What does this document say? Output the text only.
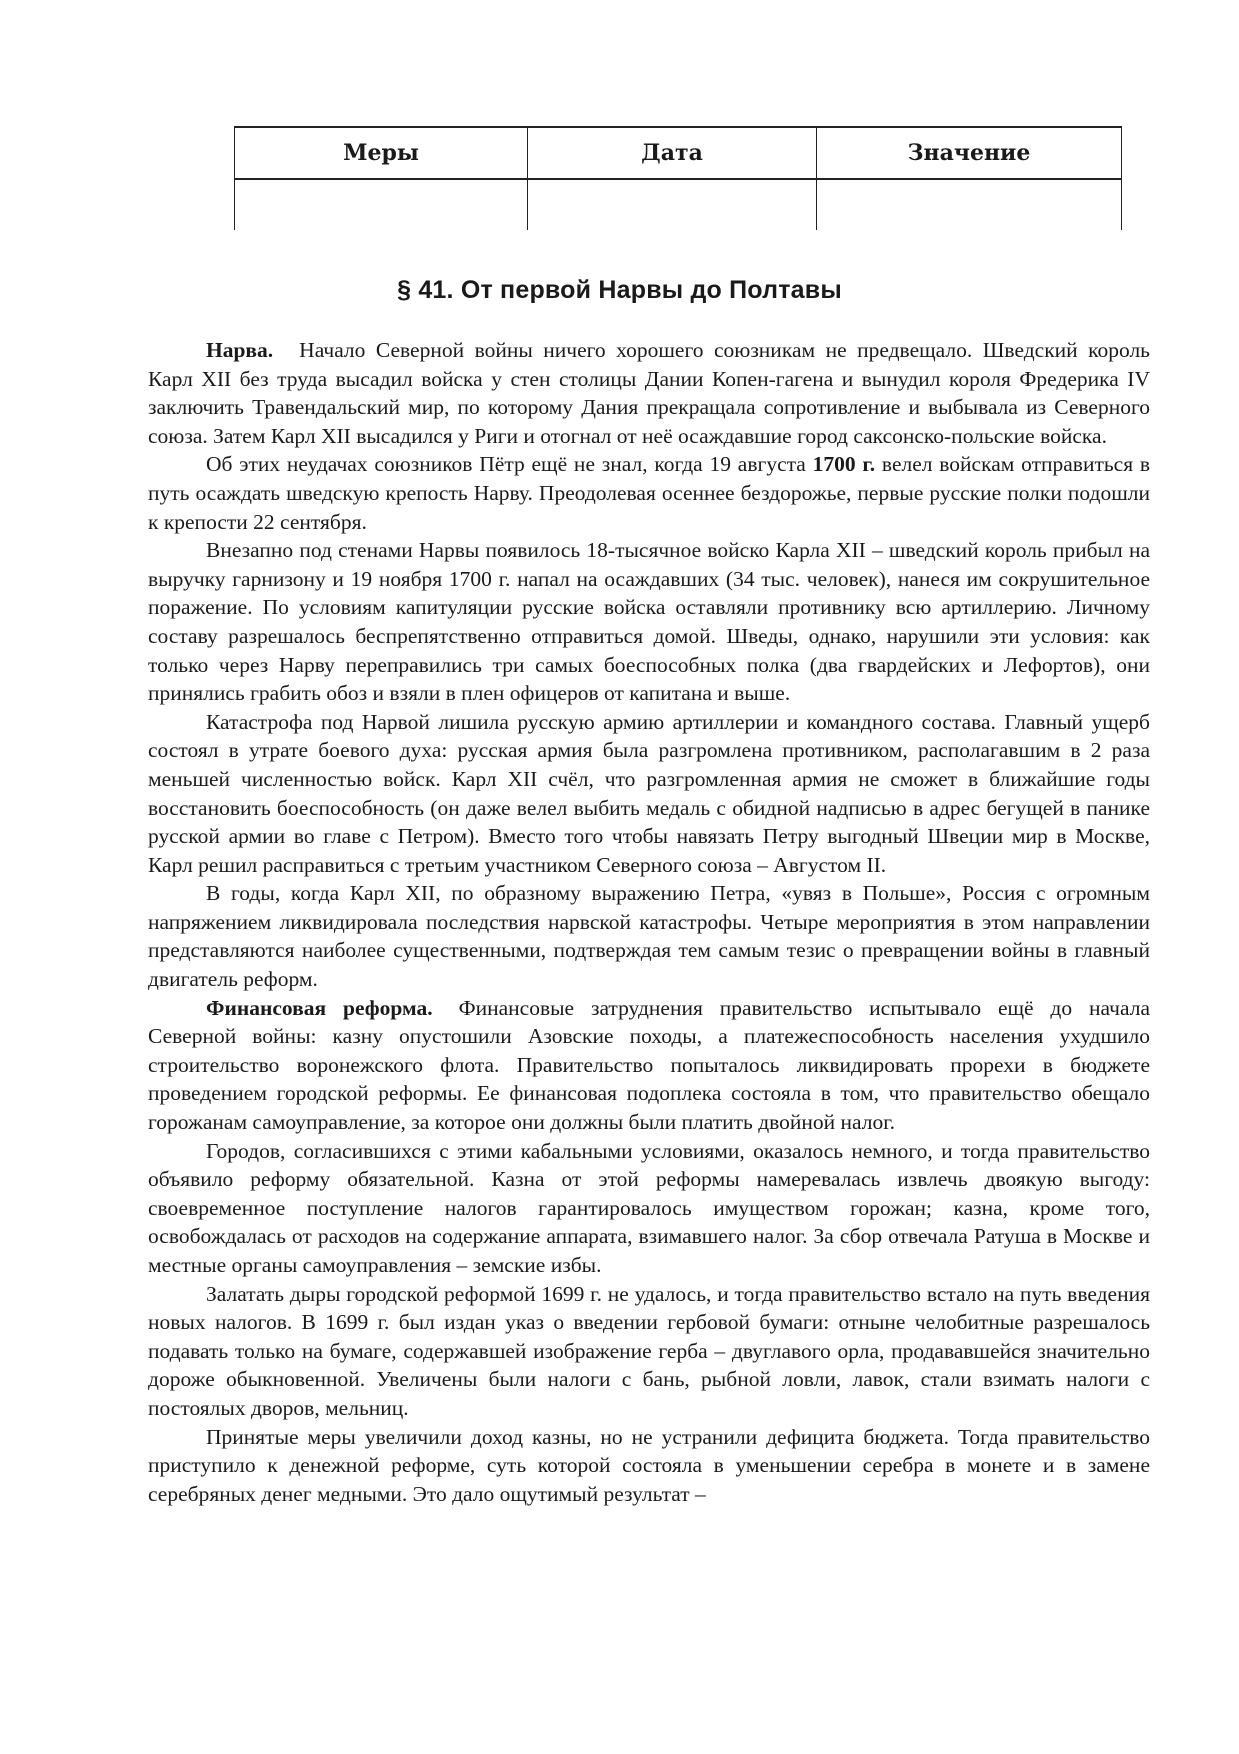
Меры	Дата	Значение

§ 41. От первой Нарвы до Полтавы

Нарва. Начало Северной войны ничего хорошего союзникам не предвещало. Шведский король Карл XII без труда высадил войска у стен столицы Дании Копен-гагена и вынудил короля Фредерика IV заключить Травендальский мир, по которому Дания прекращала сопротивление и выбывала из Северного союза. Затем Карл XII высадился у Риги и отогнал от неё осаждавшие город саксонско-польские войска.

Об этих неудачах союзников Пётр ещё не знал, когда 19 августа 1700 г. велел войскам отправиться в путь осаждать шведскую крепость Нарву. Преодолевая осеннее бездорожье, первые русские полки подошли к крепости 22 сентября.

Внезапно под стенами Нарвы появилось 18-тысячное войско Карла XII – шведский король прибыл на выручку гарнизону и 19 ноября 1700 г. напал на осаждавших (34 тыс. человек), нанеся им сокрушительное поражение. По условиям капитуляции русские войска оставляли противнику всю артиллерию. Личному составу разрешалось беспрепятственно отправиться домой. Шведы, однако, нарушили эти условия: как только через Нарву переправились три самых боеспособных полка (два гвардейских и Лефортов), они принялись грабить обоз и взяли в плен офицеров от капитана и выше.

Катастрофа под Нарвой лишила русскую армию артиллерии и командного состава. Главный ущерб состоял в утрате боевого духа: русская армия была разгромлена противником, располагавшим в 2 раза меньшей численностью войск. Карл XII счёл, что разгромленная армия не сможет в ближайшие годы восстановить боеспособность (он даже велел выбить медаль с обидной надписью в адрес бегущей в панике русской армии во главе с Петром). Вместо того чтобы навязать Петру выгодный Швеции мир в Москве, Карл решил расправиться с третьим участником Северного союза – Августом II.

В годы, когда Карл XII, по образному выражению Петра, «увяз в Польше», Россия с огромным напряжением ликвидировала последствия нарвской катастрофы. Четыре мероприятия в этом направлении представляются наиболее существенными, подтверждая тем самым тезис о превращении войны в главный двигатель реформ.

Финансовая реформа. Финансовые затруднения правительство испытывало ещё до начала Северной войны: казну опустошили Азовские походы, а платежеспособность населения ухудшило строительство воронежского флота. Правительство попыталось ликвидировать прорехи в бюджете проведением городской реформы. Ее финансовая подоплека состояла в том, что правительство обещало горожанам самоуправление, за которое они должны были платить двойной налог.

Городов, согласившихся с этими кабальными условиями, оказалось немного, и тогда правительство объявило реформу обязательной. Казна от этой реформы намеревалась извлечь двоякую выгоду: своевременное поступление налогов гарантировалось имуществом горожан; казна, кроме того, освобождалась от расходов на содержание аппарата, взимавшего налог. За сбор отвечала Ратуша в Москве и местные органы самоуправления – земские избы.

Залатать дыры городской реформой 1699 г. не удалось, и тогда правительство встало на путь введения новых налогов. В 1699 г. был издан указ о введении гербовой бумаги: отныне челобитные разрешалось подавать только на бумаге, содержавшей изображение герба – двуглавого орла, продававшейся значительно дороже обыкновенной. Увеличены были налоги с бань, рыбной ловли, лавок, стали взимать налоги с постоялых дворов, мельниц.

Принятые меры увеличили доход казны, но не устранили дефицита бюджета. Тогда правительство приступило к денежной реформе, суть которой состояла в уменьшении серебра в монете и в замене серебряных денег медными. Это дало ощутимый результат –
